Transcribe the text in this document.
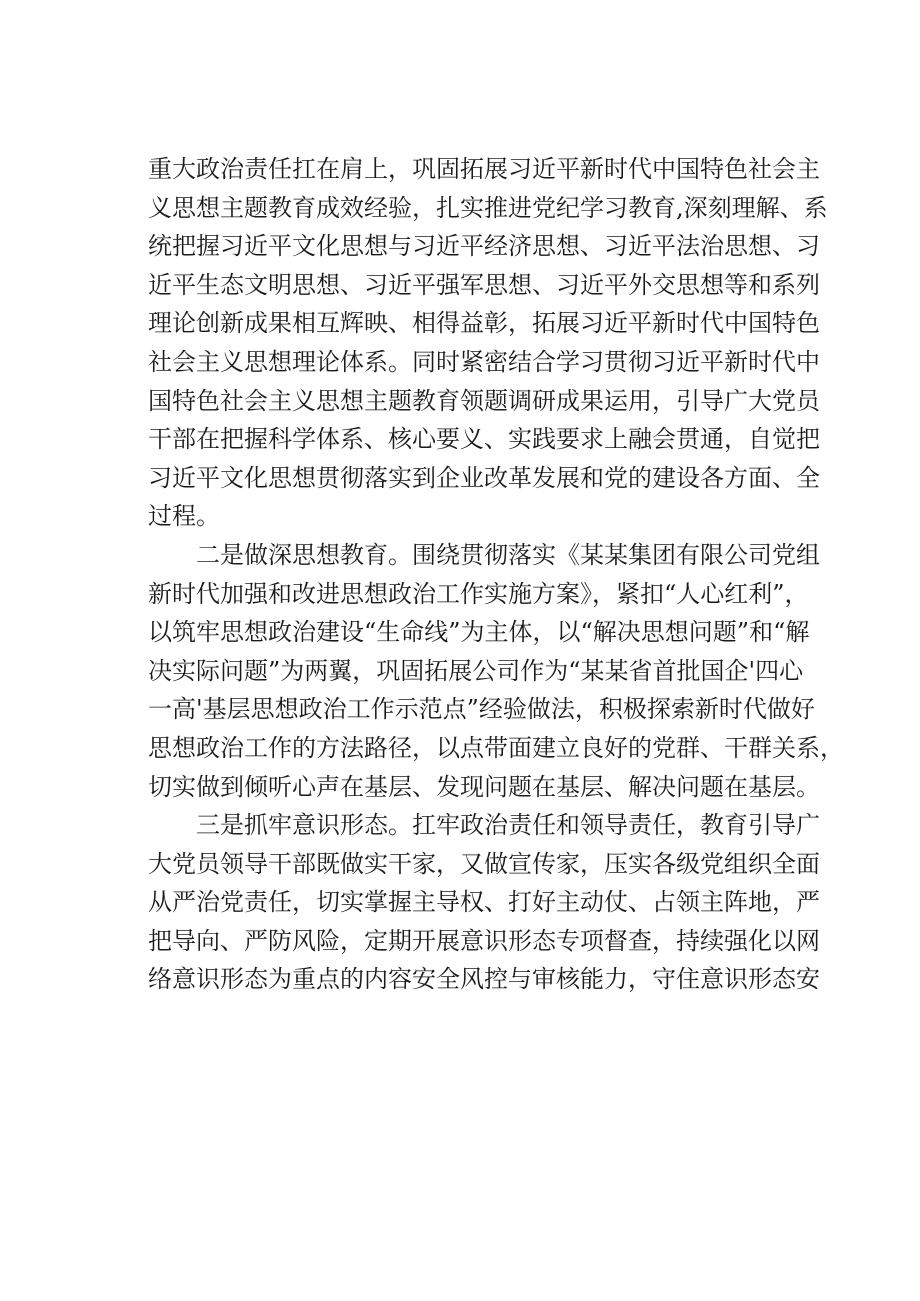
重大政治责任扛在肩上，巩固拓展习近平新时代中国特色社会主
义思想主题教育成效经验，扎实推进党纪学习教育,深刻理解、系
统把握习近平文化思想与习近平经济思想、习近平法治思想、习
近平生态文明思想、习近平强军思想、习近平外交思想等和系列
理论创新成果相互辉映、相得益彰，拓展习近平新时代中国特色
社会主义思想理论体系。同时紧密结合学习贯彻习近平新时代中
国特色社会主义思想主题教育领题调研成果运用，引导广大党员
干部在把握科学体系、核心要义、实践要求上融会贯通，自觉把
习近平文化思想贯彻落实到企业改革发展和党的建设各方面、全
过程。
　　二是做深思想教育。围绕贯彻落实《某某集团有限公司党组
新时代加强和改进思想政治工作实施方案》，紧扣“人心红利”，
以筑牢思想政治建设“生命线”为主体，以“解决思想问题”和“解
决实际问题”为两翼，巩固拓展公司作为“某某省首批国企'四心
一高'基层思想政治工作示范点”经验做法，积极探索新时代做好
思想政治工作的方法路径，以点带面建立良好的党群、干群关系，
切实做到倾听心声在基层、发现问题在基层、解决问题在基层。
　　三是抓牢意识形态。扛牢政治责任和领导责任，教育引导广
大党员领导干部既做实干家，又做宣传家，压实各级党组织全面
从严治党责任，切实掌握主导权、打好主动仗、占领主阵地，严
把导向、严防风险，定期开展意识形态专项督查，持续强化以网
络意识形态为重点的内容安全风控与审核能力，守住意识形态安
